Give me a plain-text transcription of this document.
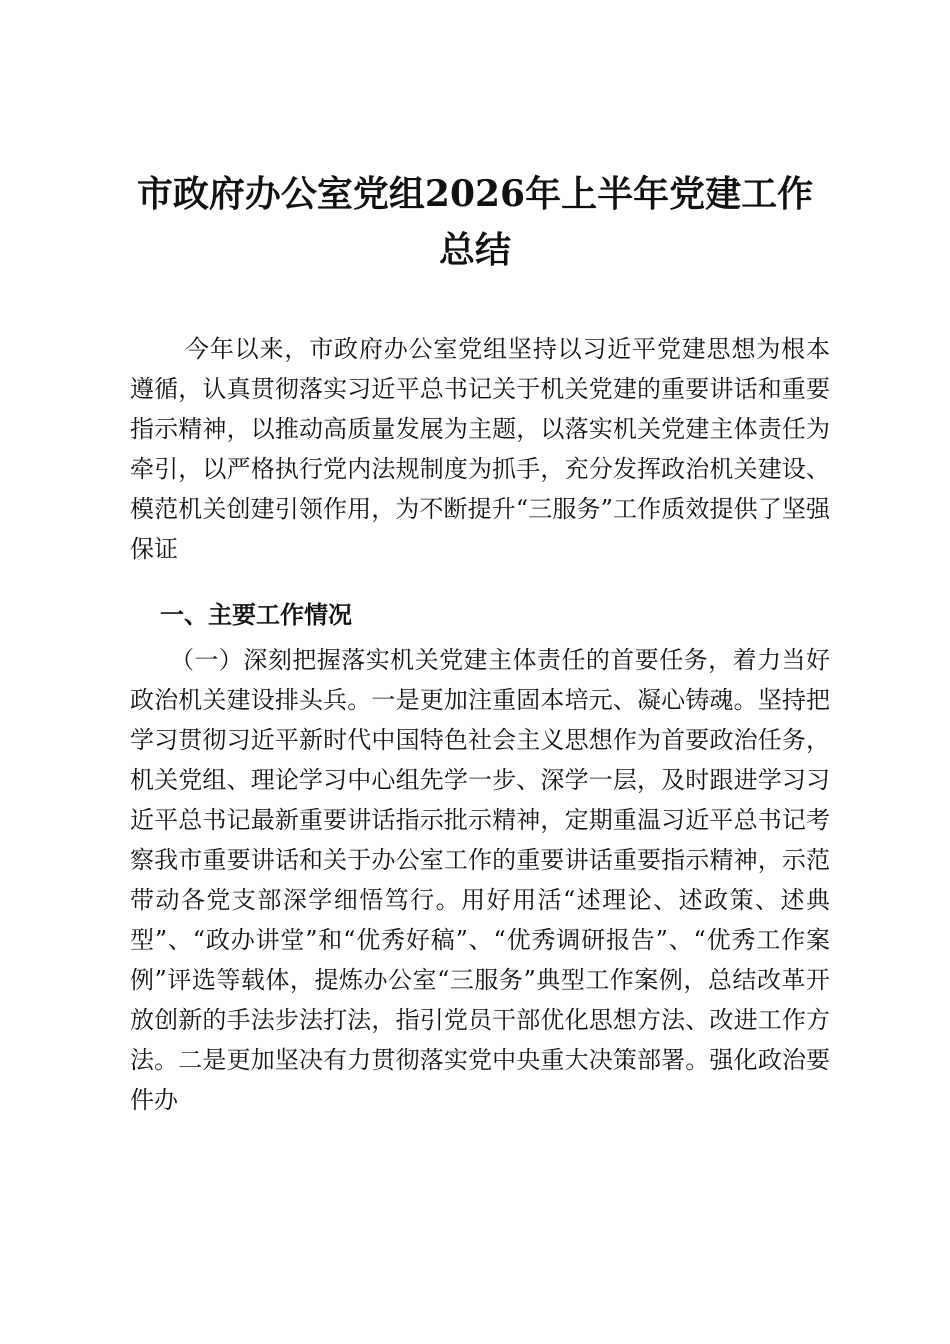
市政府办公室党组2026年上半年党建工作总结

今年以来，市政府办公室党组坚持以习近平党建思想为根本遵循，认真贯彻落实习近平总书记关于机关党建的重要讲话和重要指示精神，以推动高质量发展为主题，以落实机关党建主体责任为牵引，以严格执行党内法规制度为抓手，充分发挥政治机关建设、模范机关创建引领作用，为不断提升“三服务”工作质效提供了坚强保证

一、主要工作情况

（一）深刻把握落实机关党建主体责任的首要任务，着力当好政治机关建设排头兵。一是更加注重固本培元、凝心铸魂。坚持把学习贯彻习近平新时代中国特色社会主义思想作为首要政治任务，机关党组、理论学习中心组先学一步、深学一层，及时跟进学习习近平总书记最新重要讲话指示批示精神，定期重温习近平总书记考察我市重要讲话和关于办公室工作的重要讲话重要指示精神，示范带动各党支部深学细悟笃行。用好用活“述理论、述政策、述典型”、“政办讲堂”和“优秀好稿”、“优秀调研报告”、“优秀工作案例”评选等载体，提炼办公室“三服务”典型工作案例，总结改革开放创新的手法步法打法，指引党员干部优化思想方法、改进工作方法。二是更加坚决有力贯彻落实党中央重大决策部署。强化政治要件办
